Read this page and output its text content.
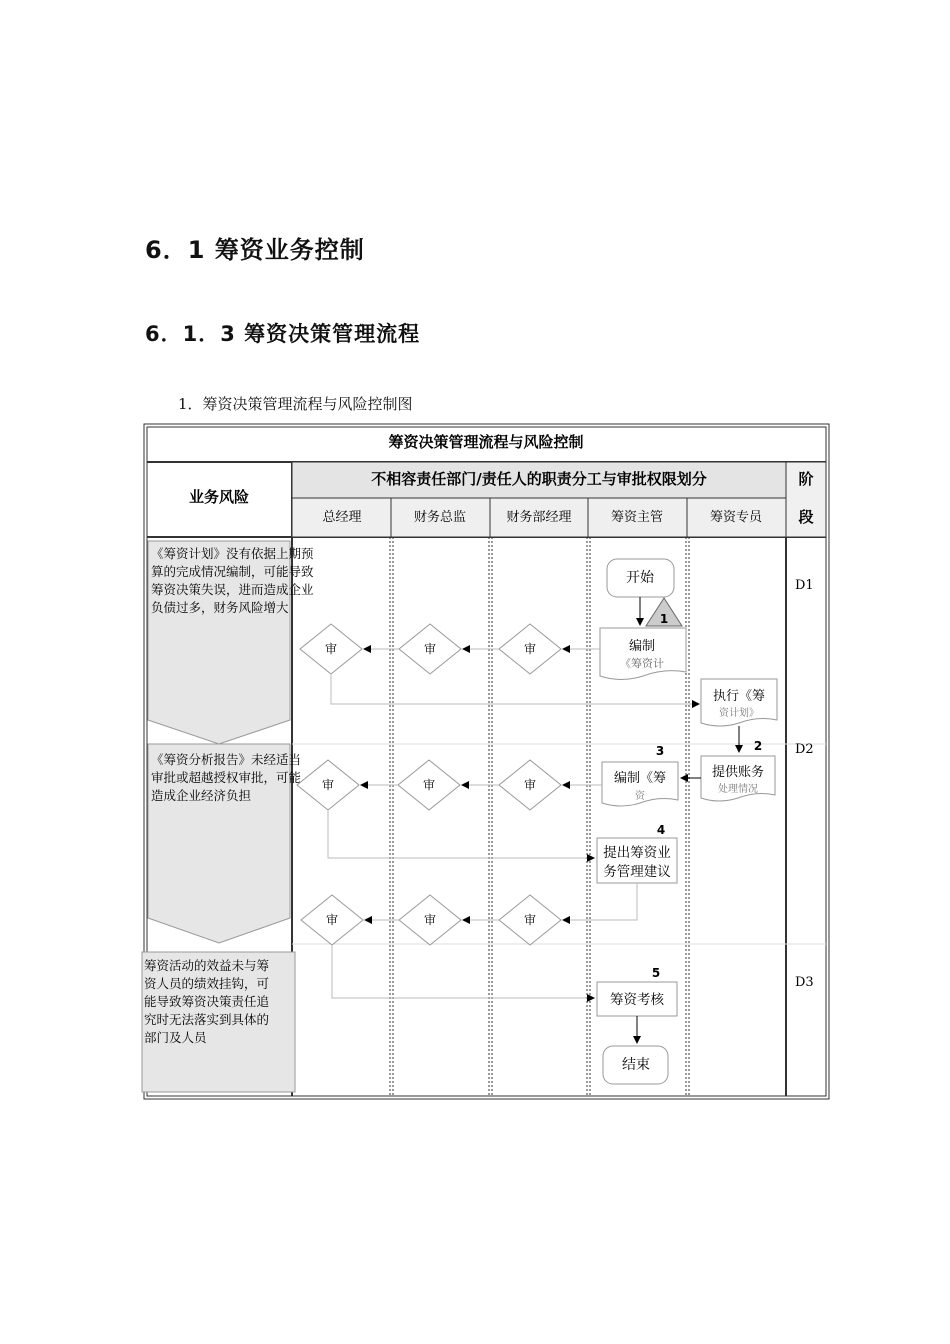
6．1 筹资业务控制
6．1．3 筹资决策管理流程
1．筹资决策管理流程与风险控制图
筹资决策管理流程与风险控制
业务风险
不相容责任部门/责任人的职责分工与审批权限划分	阶
段
总经理	财务总监	财务部经理	筹资主管	筹资专员
D1
D2
D3
《筹资计划》没有依据上期预 算的完成情况编制，可能导致 筹资决策失误，进而造成企业 负债过多，财务风险增大
《筹资分析报告》未经适当 审批或超越授权审批，可能 造成企业经济负担
筹资活动的效益未与筹 资人员的绩效挂钩，可 能导致筹资决策责任追 究时无法落实到具体的 部门及人员
开始
1
编制
《筹资计
审	审	审
执行《筹
资计划》
2
提供账务
处理情况
3
编制《筹
资
审	审	审
4
提出筹资业
务管理建议
审	审	审
5
筹资考核
结束
